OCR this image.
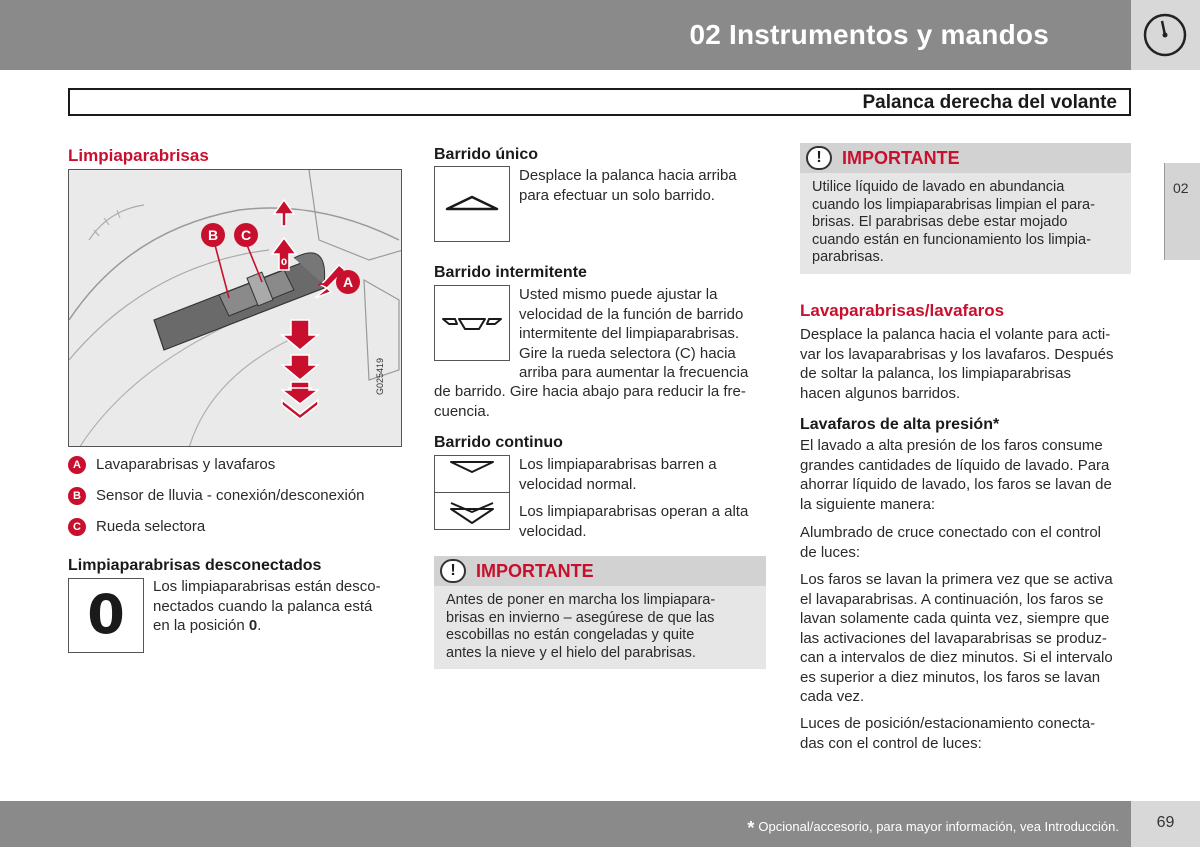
02 Instrumentos y mandos
Palanca derecha del volante
02
Limpiaparabrisas
0
B	C
A
G025419
A Lavaparabrisas y lavafaros
B Sensor de lluvia - conexión/desconexión
C Rueda selectora
Limpiaparabrisas desconectados
0	Los limpiaparabrisas están desco-
nectados cuando la palanca está
en la posición 0.
Barrido único
Desplace la palanca hacia arriba
para efectuar un solo barrido.
Barrido intermitente
Usted mismo puede ajustar la
velocidad de la función de barrido
intermitente del limpiaparabrisas.
Gire la rueda selectora (C) hacia
arriba para aumentar la frecuencia
de barrido. Gire hacia abajo para reducir la fre-
cuencia.
Barrido continuo
Los limpiaparabrisas barren a
velocidad normal.
Los limpiaparabrisas operan a alta
velocidad.
!	IMPORTANTE
Antes de poner en marcha los limpiapara-
brisas en invierno – asegúrese de que las
escobillas no están congeladas y quite
antes la nieve y el hielo del parabrisas.
!	IMPORTANTE
Utilice líquido de lavado en abundancia
cuando los limpiaparabrisas limpian el para-
brisas. El parabrisas debe estar mojado
cuando están en funcionamiento los limpia-
parabrisas.
Lavaparabrisas/lavafaros
Desplace la palanca hacia el volante para acti-
var los lavaparabrisas y los lavafaros. Después
de soltar la palanca, los limpiaparabrisas
hacen algunos barridos.
Lavafaros de alta presión*
El lavado a alta presión de los faros consume
grandes cantidades de líquido de lavado. Para
ahorrar líquido de lavado, los faros se lavan de
la siguiente manera:
Alumbrado de cruce conectado con el control
de luces:
Los faros se lavan la primera vez que se activa
el lavaparabrisas. A continuación, los faros se
lavan solamente cada quinta vez, siempre que
las activaciones del lavaparabrisas se produz-
can a intervalos de diez minutos. Si el intervalo
es superior a diez minutos, los faros se lavan
cada vez.
Luces de posición/estacionamiento conecta-
das con el control de luces:
* Opcional/accesorio, para mayor información, vea Introducción.	69
